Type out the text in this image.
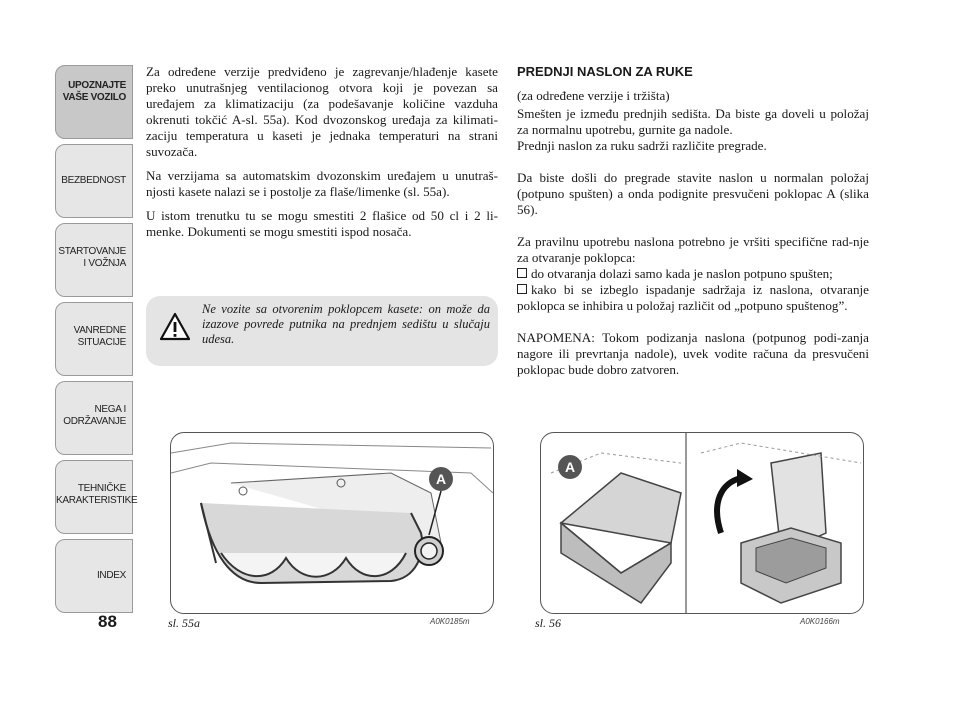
UPOZNAJTE
VAŠE VOZILO
BEZBEDNOST
STARTOVANJE
I VOŽNJA
VANREDNE
SITUACIJE
NEGA I
ODRŽAVANJE
TEHNIČKE
KARAKTERISTIKE
INDEX
88

Za određene verzije predviđeno je zagrevanje/hlađenje kasete preko unutrašnjeg ventilacionog otvora koji je povezan sa uređajem za klimatizaciju (za podešavanje količine vazduha okrenuti tokčić A-sl. 55a). Kod dvozonskog uređaja za kilimati-zaciju temperatura u kaseti je jednaka temperaturi na strani suvozača.

Na verzijama sa automatskim dvozonskim uređajem u unutraš-njosti kasete nalazi se i postolje za flaše/limenke (sl. 55a).

U istom trenutku tu se mogu smestiti 2 flašice od 50 cl i 2 li-menke. Dokumenti se mogu smestiti ispod nosača.

Ne vozite sa otvorenim poklopcem kasete: on može da izazove povrede putnika na prednjem sedištu u slučaju udesa.

PREDNJI NASLON ZA RUKE

(za određene verzije i tržišta)

Smešten je između prednjih sedišta. Da biste ga doveli u položaj za normalnu upotrebu, gurnite ga nadole.

Prednji naslon za ruku sadrži različite pregrade.

Da biste došli do pregrade stavite naslon u normalan položaj (potpuno spušten) a onda podignite presvučeni poklopac A (slika 56).

Za pravilnu upotrebu naslona potrebno je vršiti specifične rad-nje za otvaranje poklopca:

do otvaranja dolazi samo kada je naslon potpuno spušten;

kako bi se izbeglo ispadanje sadržaja iz naslona, otvaranje poklopca se inhibira u položaj različit od „potpuno spuštenog”.

NAPOMENA: Tokom podizanja naslona (potpunog podi-zanja nagore ili prevrtanja nadole), uvek vodite računa da presvučeni poklopac bude dobro zatvoren.

A
sl. 55a	A0K0185m
A
sl. 56	A0K0166m
